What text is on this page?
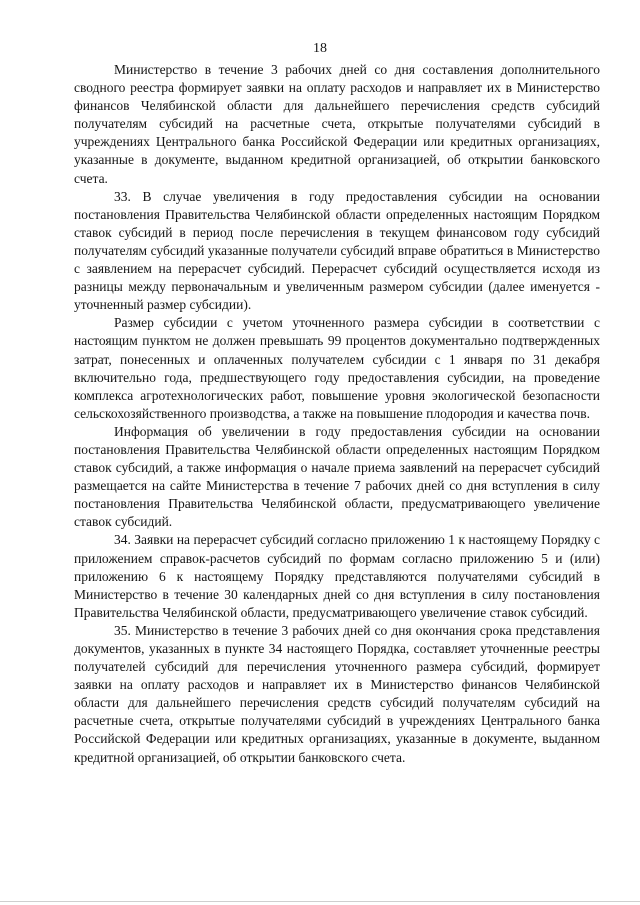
18

Министерство в течение 3 рабочих дней со дня составления дополнительного сводного реестра формирует заявки на оплату расходов и направляет их в Министерство финансов Челябинской области для дальнейшего перечисления средств субсидий получателям субсидий на расчетные счета, открытые получателями субсидий в учреждениях Центрального банка Российской Федерации или кредитных организациях, указанные в документе, выданном кредитной организацией, об открытии банковского счета.

33. В случае увеличения в году предоставления субсидии на основании постановления Правительства Челябинской области определенных настоящим Порядком ставок субсидий в период после перечисления в текущем финансовом году субсидий получателям субсидий указанные получатели субсидий вправе обратиться в Министерство с заявлением на перерасчет субсидий. Перерасчет субсидий осуществляется исходя из разницы между первоначальным и увеличенным размером субсидии (далее именуется - уточненный размер субсидии).

Размер субсидии с учетом уточненного размера субсидии в соответствии с настоящим пунктом не должен превышать 99 процентов документально подтвержденных затрат, понесенных и оплаченных получателем субсидии с 1 января по 31 декабря включительно года, предшествующего году предоставления субсидии, на проведение комплекса агротехнологических работ, повышение уровня экологической безопасности сельскохозяйственного производства, а также на повышение плодородия и качества почв.

Информация об увеличении в году предоставления субсидии на основании постановления Правительства Челябинской области определенных настоящим Порядком ставок субсидий, а также информация о начале приема заявлений на перерасчет субсидий размещается на сайте Министерства в течение 7 рабочих дней со дня вступления в силу постановления Правительства Челябинской области, предусматривающего увеличение ставок субсидий.

34. Заявки на перерасчет субсидий согласно приложению 1 к настоящему Порядку с приложением справок-расчетов субсидий по формам согласно приложению 5 и (или) приложению 6 к настоящему Порядку представляются получателями субсидий в Министерство в течение 30 календарных дней со дня вступления в силу постановления Правительства Челябинской области, предусматривающего увеличение ставок субсидий.

35. Министерство в течение 3 рабочих дней со дня окончания срока представления документов, указанных в пункте 34 настоящего Порядка, составляет уточненные реестры получателей субсидий для перечисления уточненного размера субсидий, формирует заявки на оплату расходов и направляет их в Министерство финансов Челябинской области для дальнейшего перечисления средств субсидий получателям субсидий на расчетные счета, открытые получателями субсидий в учреждениях Центрального банка Российской Федерации или кредитных организациях, указанные в документе, выданном кредитной организацией, об открытии банковского счета.
